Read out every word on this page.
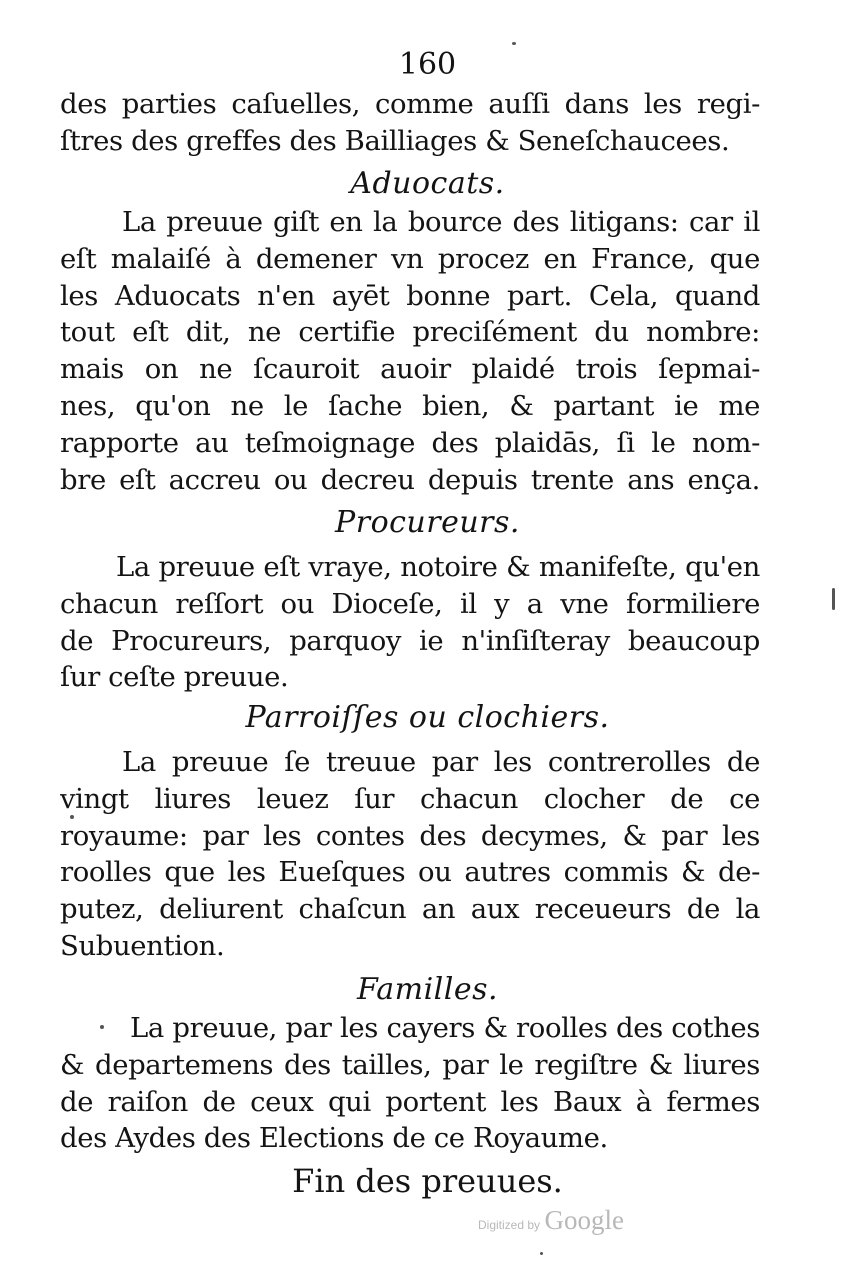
160
des parties caſuelles, comme auſſi dans les regi-
ſtres des greffes des Bailliages & Seneſchaucees.
Aduocats.
La preuue giſt en la bource des litigans: car il
eſt malaiſé à demener vn procez en France, que
les Aduocats n'en ayēt bonne part. Cela, quand
tout eſt dit, ne certifie preciſément du nombre:
mais on ne ſcauroit auoir plaidé trois ſepmai-
nes, qu'on ne le ſache bien, & partant ie me
rapporte au teſmoignage des plaidās, ſi le nom-
bre eſt accreu ou decreu depuis trente ans ença.
Procureurs.
La preuue eſt vraye, notoire & manifeſte, qu'en
chacun reſſort ou Dioceſe, il y a vne formiliere
de Procureurs, parquoy ie n'inſiſteray beaucoup
ſur ceſte preuue.
Parroiſſes ou clochiers.
La preuue ſe treuue par les contrerolles de
vingt liures leuez ſur chacun clocher de ce
royaume: par les contes des decymes, & par les
roolles que les Eueſques ou autres commis & de-
putez, deliurent chaſcun an aux receueurs de la
Subuention.
Familles.
La preuue, par les cayers & roolles des cothes
& departemens des tailles, par le regiſtre & liures
de raiſon de ceux qui portent les Baux à fermes
des Aydes des Elections de ce Royaume.
Fin des preuues.
Digitized by Google
